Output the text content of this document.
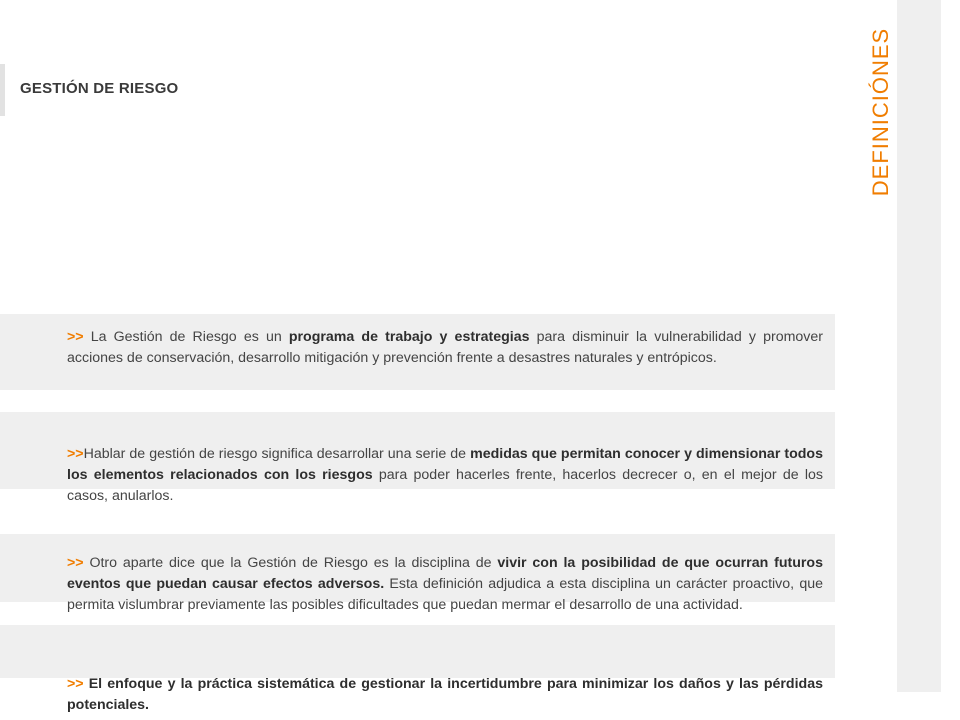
GESTIÓN DE RIESGO	DEFINICIÓNES
>> La Gestión de Riesgo es un programa de trabajo y estrategias para disminuir la vulnerabilidad y promover acciones de conservación, desarrollo mitigación y prevención frente a desastres naturales y entrópicos.
>>Hablar de gestión de riesgo significa desarrollar una serie de medidas que permitan conocer y dimensionar todos los elementos relacionados con los riesgos para poder hacerles frente, hacerlos decrecer o, en el mejor de los casos, anularlos.
>> Otro aparte dice que la Gestión de Riesgo es la disciplina de vivir con la posibilidad de que ocurran futuros eventos que puedan causar efectos adversos. Esta definición adjudica a esta disciplina un carácter proactivo, que permita vislumbrar previamente las posibles dificultades que puedan mermar el desarrollo de una actividad.
>> El enfoque y la práctica sistemática de gestionar la incertidumbre para minimizar los daños y las pérdidas potenciales.
